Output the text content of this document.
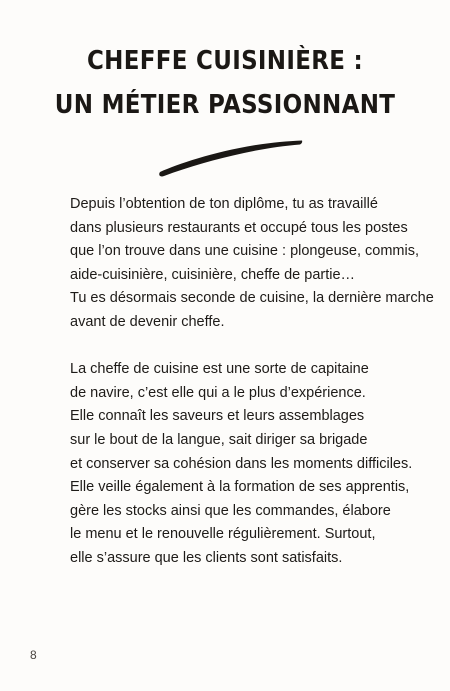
CHEFFE CUISINIÈRE :
UN MÉTIER PASSIONNANT

Depuis l’obtention de ton diplôme, tu as travaillé
dans plusieurs restaurants et occupé tous les postes
que l’on trouve dans une cuisine : plongeuse, commis,
aide-cuisinière, cuisinière, cheffe de partie…
Tu es désormais seconde de cuisine, la dernière marche
avant de devenir cheffe.

La cheffe de cuisine est une sorte de capitaine
de navire, c’est elle qui a le plus d’expérience.
Elle connaît les saveurs et leurs assemblages
sur le bout de la langue, sait diriger sa brigade
et conserver sa cohésion dans les moments difficiles.
Elle veille également à la formation de ses apprentis,
gère les stocks ainsi que les commandes, élabore
le menu et le renouvelle régulièrement. Surtout,
elle s’assure que les clients sont satisfaits.

8
